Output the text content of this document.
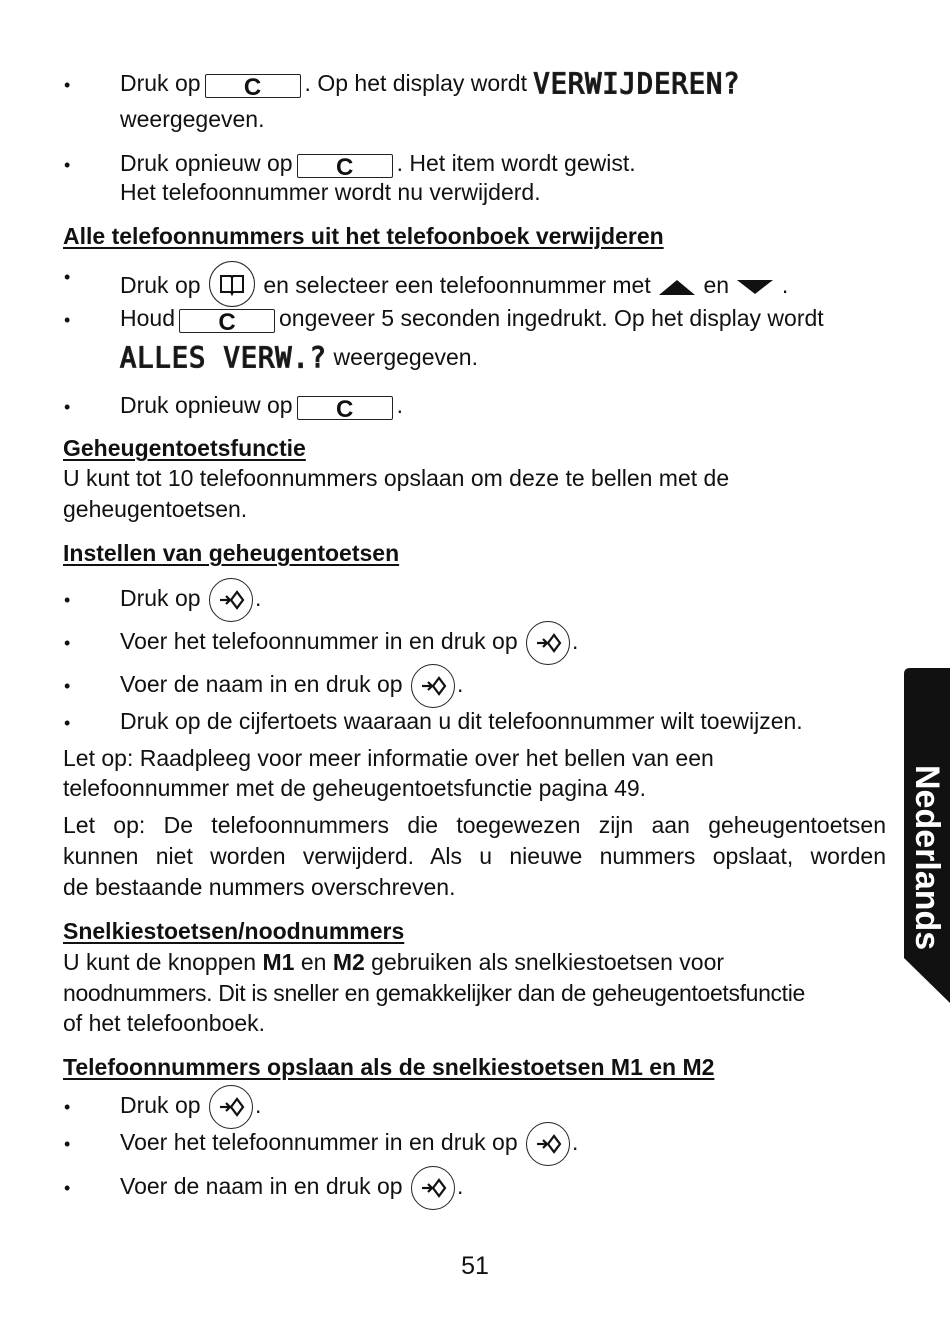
• Druk op C . Op het display wordt VERWIJDEREN?
weergegeven.
• Druk opnieuw op C . Het item wordt gewist.
Het telefoonnummer wordt nu verwijderd.
Alle telefoonnummers uit het telefoonboek verwijderen
• Druk op	en selecteer een telefoonnummer met en .
• Houd C ongeveer 5 seconden ingedrukt. Op het display wordt
ALLES VERW.? weergegeven.
• Druk opnieuw op C .
Geheugentoetsfunctie
U kunt tot 10 telefoonnummers opslaan om deze te bellen met de
geheugentoetsen.
Instellen van geheugentoetsen
• Druk op .
• Voer het telefoonnummer in en druk op .
• Voer de naam in en druk op .
• Druk op de cijfertoets waaraan u dit telefoonnummer wilt toewijzen.
Let op: Raadpleeg voor meer informatie over het bellen van een
telefoonnummer met de geheugentoetsfunctie pagina 49.
Let op: De telefoonnummers die toegewezen zijn aan geheugentoetsen
kunnen niet worden verwijderd. Als u nieuwe nummers opslaat, worden
de bestaande nummers overschreven.
Snelkiestoetsen/noodnummers
U kunt de knoppen M1 en M2 gebruiken als snelkiestoetsen voor
noodnummers. Dit is sneller en gemakkelijker dan de geheugentoetsfunctie
of het telefoonboek.
Telefoonnummers opslaan als de snelkiestoetsen M1 en M2
• Druk op .
• Voer het telefoonnummer in en druk op .
• Voer de naam in en druk op .
51
Nederlands
